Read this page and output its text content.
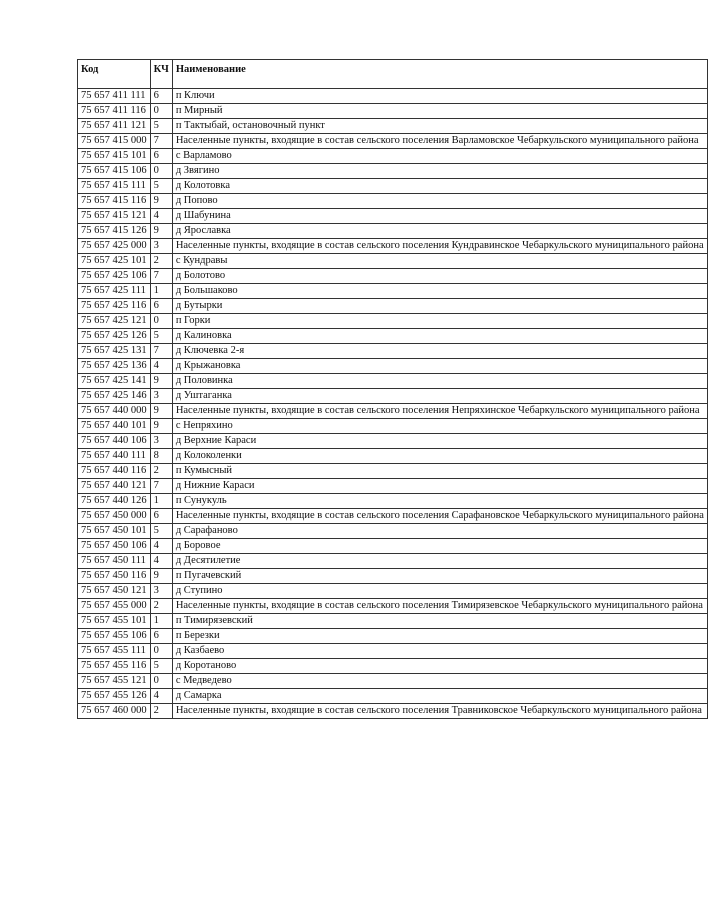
Код	КЧ	Наименование
75 657 411 111	6	п Ключи
75 657 411 116	0	п Мирный
75 657 411 121	5	п Тактыбай, остановочный пункт
75 657 415 000	7	Населенные пункты, входящие в состав сельского поселения Варламовское Чебаркульского муниципального района
75 657 415 101	6	с Варламово
75 657 415 106	0	д Звягино
75 657 415 111	5	д Колотовка
75 657 415 116	9	д Попово
75 657 415 121	4	д Шабунина
75 657 415 126	9	д Ярославка
75 657 425 000	3	Населенные пункты, входящие в состав сельского поселения Кундравинское Чебаркульского муниципального района
75 657 425 101	2	с Кундравы
75 657 425 106	7	д Болотово
75 657 425 111	1	д Большаково
75 657 425 116	6	д Бутырки
75 657 425 121	0	п Горки
75 657 425 126	5	д Калиновка
75 657 425 131	7	д Ключевка 2-я
75 657 425 136	4	д Крыжановка
75 657 425 141	9	д Половинка
75 657 425 146	3	д Уштаганка
75 657 440 000	9	Населенные пункты, входящие в состав сельского поселения Непряхинское Чебаркульского муниципального района
75 657 440 101	9	с Непряхино
75 657 440 106	3	д Верхние Караси
75 657 440 111	8	д Колоколенки
75 657 440 116	2	п Кумысный
75 657 440 121	7	д Нижние Караси
75 657 440 126	1	п Сунукуль
75 657 450 000	6	Населенные пункты, входящие в состав сельского поселения Сарафановское Чебаркульского муниципального района
75 657 450 101	5	д Сарафаново
75 657 450 106	4	д Боровое
75 657 450 111	4	д Десятилетие
75 657 450 116	9	п Пугачевский
75 657 450 121	3	д Ступино
75 657 455 000	2	Населенные пункты, входящие в состав сельского поселения Тимирязевское Чебаркульского муниципального района
75 657 455 101	1	п Тимирязевский
75 657 455 106	6	п Березки
75 657 455 111	0	д Казбаево
75 657 455 116	5	д Коротаново
75 657 455 121	0	с Медведево
75 657 455 126	4	д Самарка
75 657 460 000	2	Населенные пункты, входящие в состав сельского поселения Травниковское Чебаркульского муниципального района
